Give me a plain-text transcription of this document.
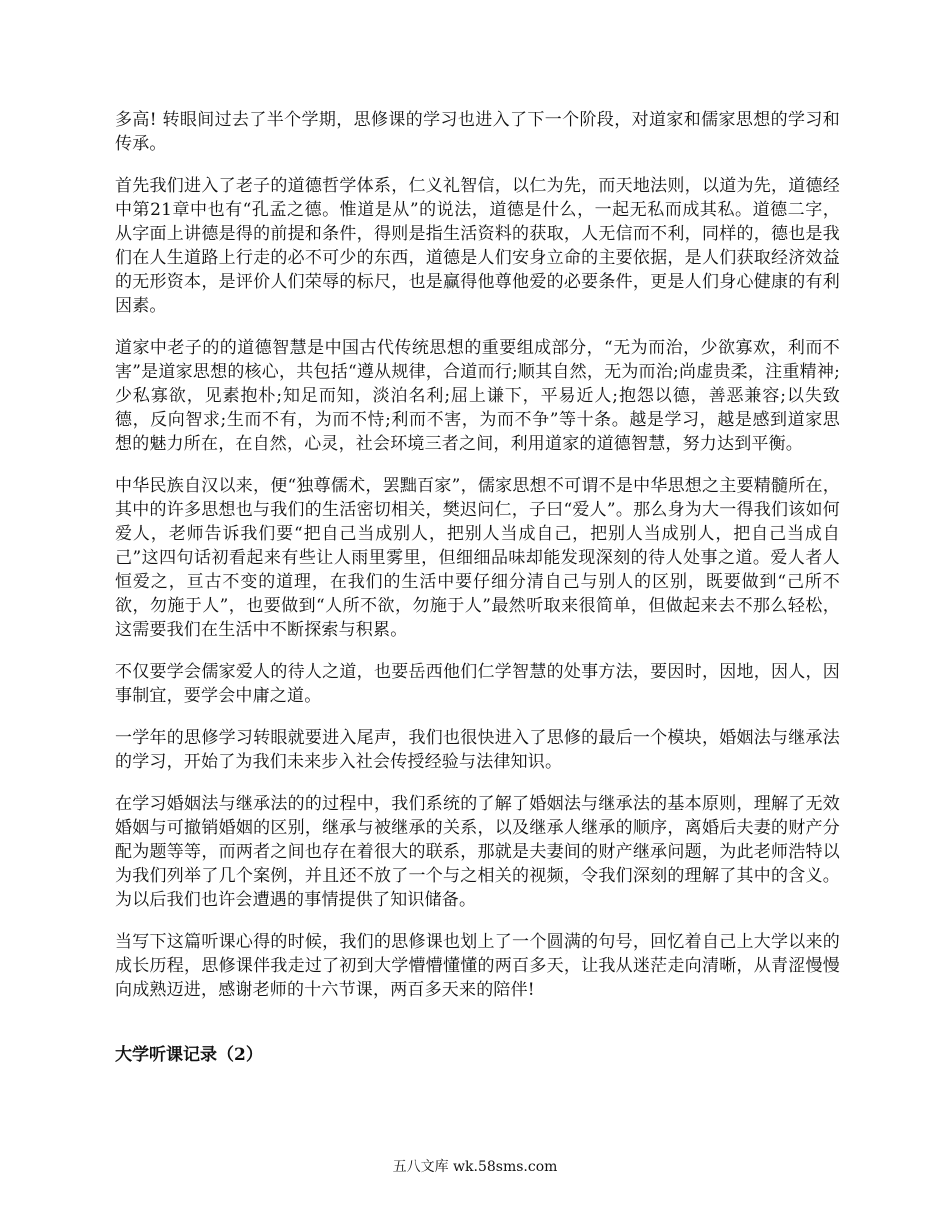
多高! 转眼间过去了半个学期，思修课的学习也进入了下一个阶段，对道家和儒家思想的学习和传承。

首先我们进入了老子的道德哲学体系，仁义礼智信，以仁为先，而天地法则，以道为先，道德经中第21章中也有“孔孟之德。惟道是从”的说法，道德是什么，一起无私而成其私。道德二字，从字面上讲德是得的前提和条件，得则是指生活资料的获取，人无信而不利，同样的，德也是我们在人生道路上行走的必不可少的东西，道德是人们安身立命的主要依据，是人们获取经济效益的无形资本，是评价人们荣辱的标尺，也是赢得他尊他爱的必要条件，更是人们身心健康的有利因素。

道家中老子的的道德智慧是中国古代传统思想的重要组成部分，“无为而治，少欲寡欢，利而不害”是道家思想的核心，共包括“遵从规律，合道而行;顺其自然，无为而治;尚虚贵柔，注重精神;少私寡欲，见素抱朴;知足而知，淡泊名利;屈上谦下，平易近人;抱怨以德，善恶兼容;以失致德，反向智求;生而不有，为而不恃;利而不害，为而不争”等十条。越是学习，越是感到道家思想的魅力所在，在自然，心灵，社会环境三者之间，利用道家的道德智慧，努力达到平衡。

中华民族自汉以来，便“独尊儒术，罢黜百家”，儒家思想不可谓不是中华思想之主要精髓所在，其中的许多思想也与我们的生活密切相关，樊迟问仁，子曰“爱人”。那么身为大一得我们该如何爱人，老师告诉我们要“把自己当成别人，把别人当成自己，把别人当成别人，把自己当成自己”这四句话初看起来有些让人雨里雾里，但细细品味却能发现深刻的待人处事之道。爱人者人恒爱之，亘古不变的道理，在我们的生活中要仔细分清自己与别人的区别，既要做到“己所不欲，勿施于人”，也要做到“人所不欲，勿施于人”最然听取来很简单，但做起来去不那么轻松，这需要我们在生活中不断探索与积累。

不仅要学会儒家爱人的待人之道，也要岳西他们仁学智慧的处事方法，要因时，因地，因人，因事制宜，要学会中庸之道。

一学年的思修学习转眼就要进入尾声，我们也很快进入了思修的最后一个模块，婚姻法与继承法的学习，开始了为我们未来步入社会传授经验与法律知识。

在学习婚姻法与继承法的的过程中，我们系统的了解了婚姻法与继承法的基本原则，理解了无效婚姻与可撤销婚姻的区别，继承与被继承的关系，以及继承人继承的顺序，离婚后夫妻的财产分配为题等等，而两者之间也存在着很大的联系，那就是夫妻间的财产继承问题，为此老师浩特以为我们列举了几个案例，并且还不放了一个与之相关的视频，令我们深刻的理解了其中的含义。为以后我们也许会遭遇的事情提供了知识储备。

当写下这篇听课心得的时候，我们的思修课也划上了一个圆满的句号，回忆着自己上大学以来的成长历程，思修课伴我走过了初到大学懵懵懂懂的两百多天，让我从迷茫走向清晰，从青涩慢慢向成熟迈进，感谢老师的十六节课，两百多天来的陪伴!

大学听课记录（2）
五八文库 wk.58sms.com
